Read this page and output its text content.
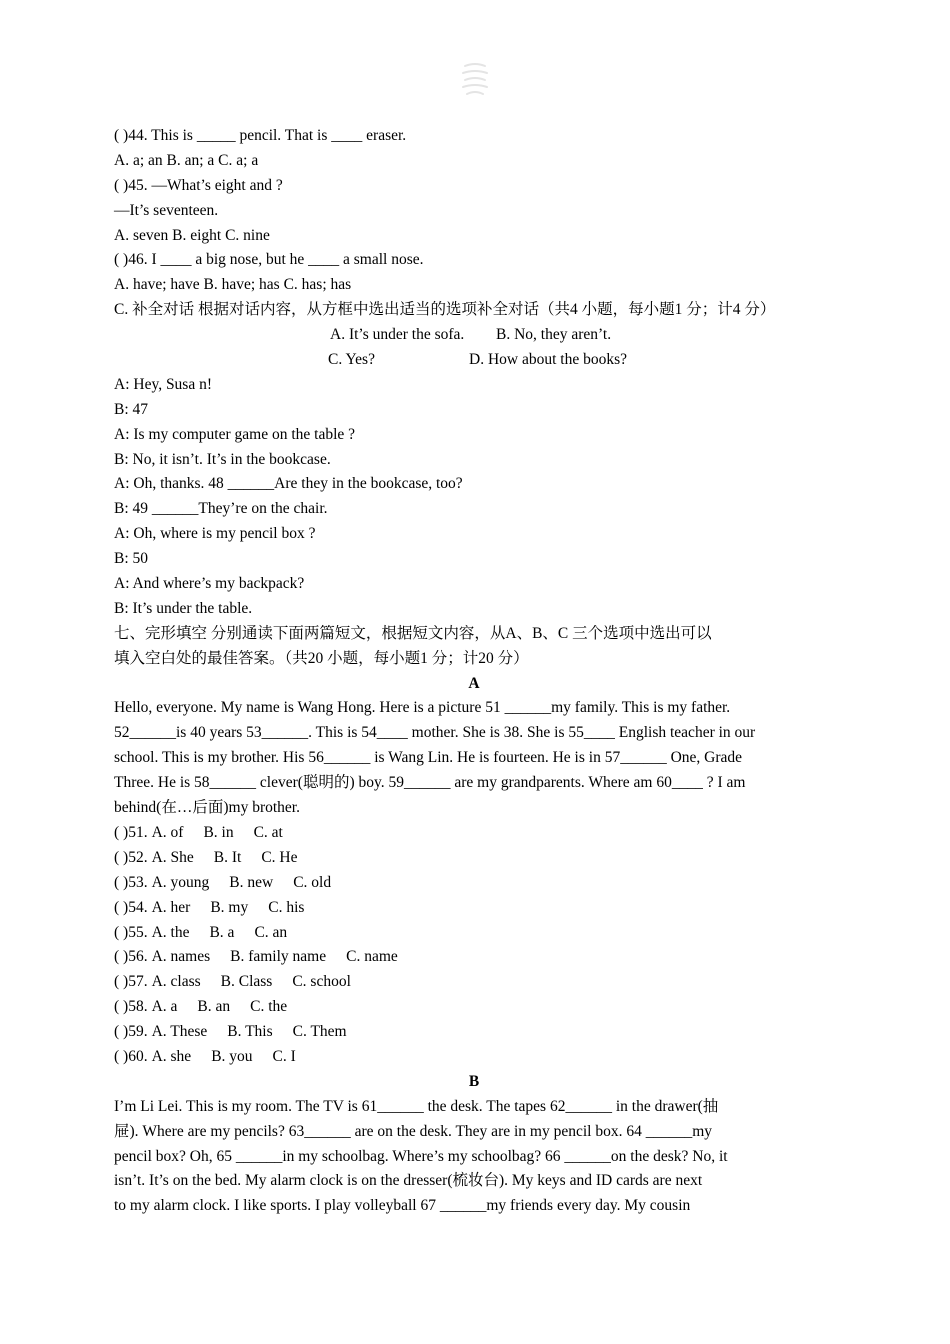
( )44. This is _____ pencil. That is ____ eraser.
A. a; an B. an; a C. a; a
( )45. —What’s eight and ?
—It’s seventeen.
A. seven B. eight C. nine
( )46. I ____ a big nose, but he ____ a small nose.
A. have; have B. have; has C. has; has
C. 补全对话 根据对话内容，从方框中选出适当的选项补全对话（共4 小题，每小题1 分；计4 分）
A. It’s under the sofa. B. No, they aren’t.
C. Yes?	D. How about the books?
A: Hey, Susa n!
B: 47
A: Is my computer game on the table ?
B: No, it isn’t. It’s in the bookcase.
A: Oh, thanks. 48 ______Are they in the bookcase, too?
B: 49 ______They’re on the chair.
A: Oh, where is my pencil box ?
B: 50
A: And where’s my backpack?
B: It’s under the table.
七、完形填空 分别通读下面两篇短文，根据短文内容，从A、B、C 三个选项中选出可以
填入空白处的最佳答案。（共20 小题，每小题1 分；计20 分）
A
Hello, everyone. My name is Wang Hong. Here is a picture 51 ______my family. This is my father.
52______is 40 years 53______. This is 54____ mother. She is 38. She is 55____ English teacher in our
school. This is my brother. His 56______ is Wang Lin. He is fourteen. He is in 57______ One, Grade
Three. He is 58______ clever(聪明的) boy. 59______ are my grandparents. Where am 60____ ? I am
behind(在…后面)my brother.
( )51. A. of B. in C. at
( )52. A. She B. It C. He
( )53. A. young B. new C. old
( )54. A. her B. my C. his
( )55. A. the B. a C. an
( )56. A. names B. family name C. name
( )57. A. class B. Class C. school
( )58. A. a B. an C. the
( )59. A. These B. This C. Them
( )60. A. she B. you C. I
B
I’m Li Lei. This is my room. The TV is 61______ the desk. The tapes 62______ in the drawer(抽
屉). Where are my pencils? 63______ are on the desk. They are in my pencil box. 64 ______my
pencil box? Oh, 65 ______in my schoolbag. Where’s my schoolbag? 66 ______on the desk? No, it
isn’t. It’s on the bed. My alarm clock is on the dresser(梳妆台). My keys and ID cards are next
to my alarm clock. I like sports. I play volleyball 67 ______my friends every day. My cousin
